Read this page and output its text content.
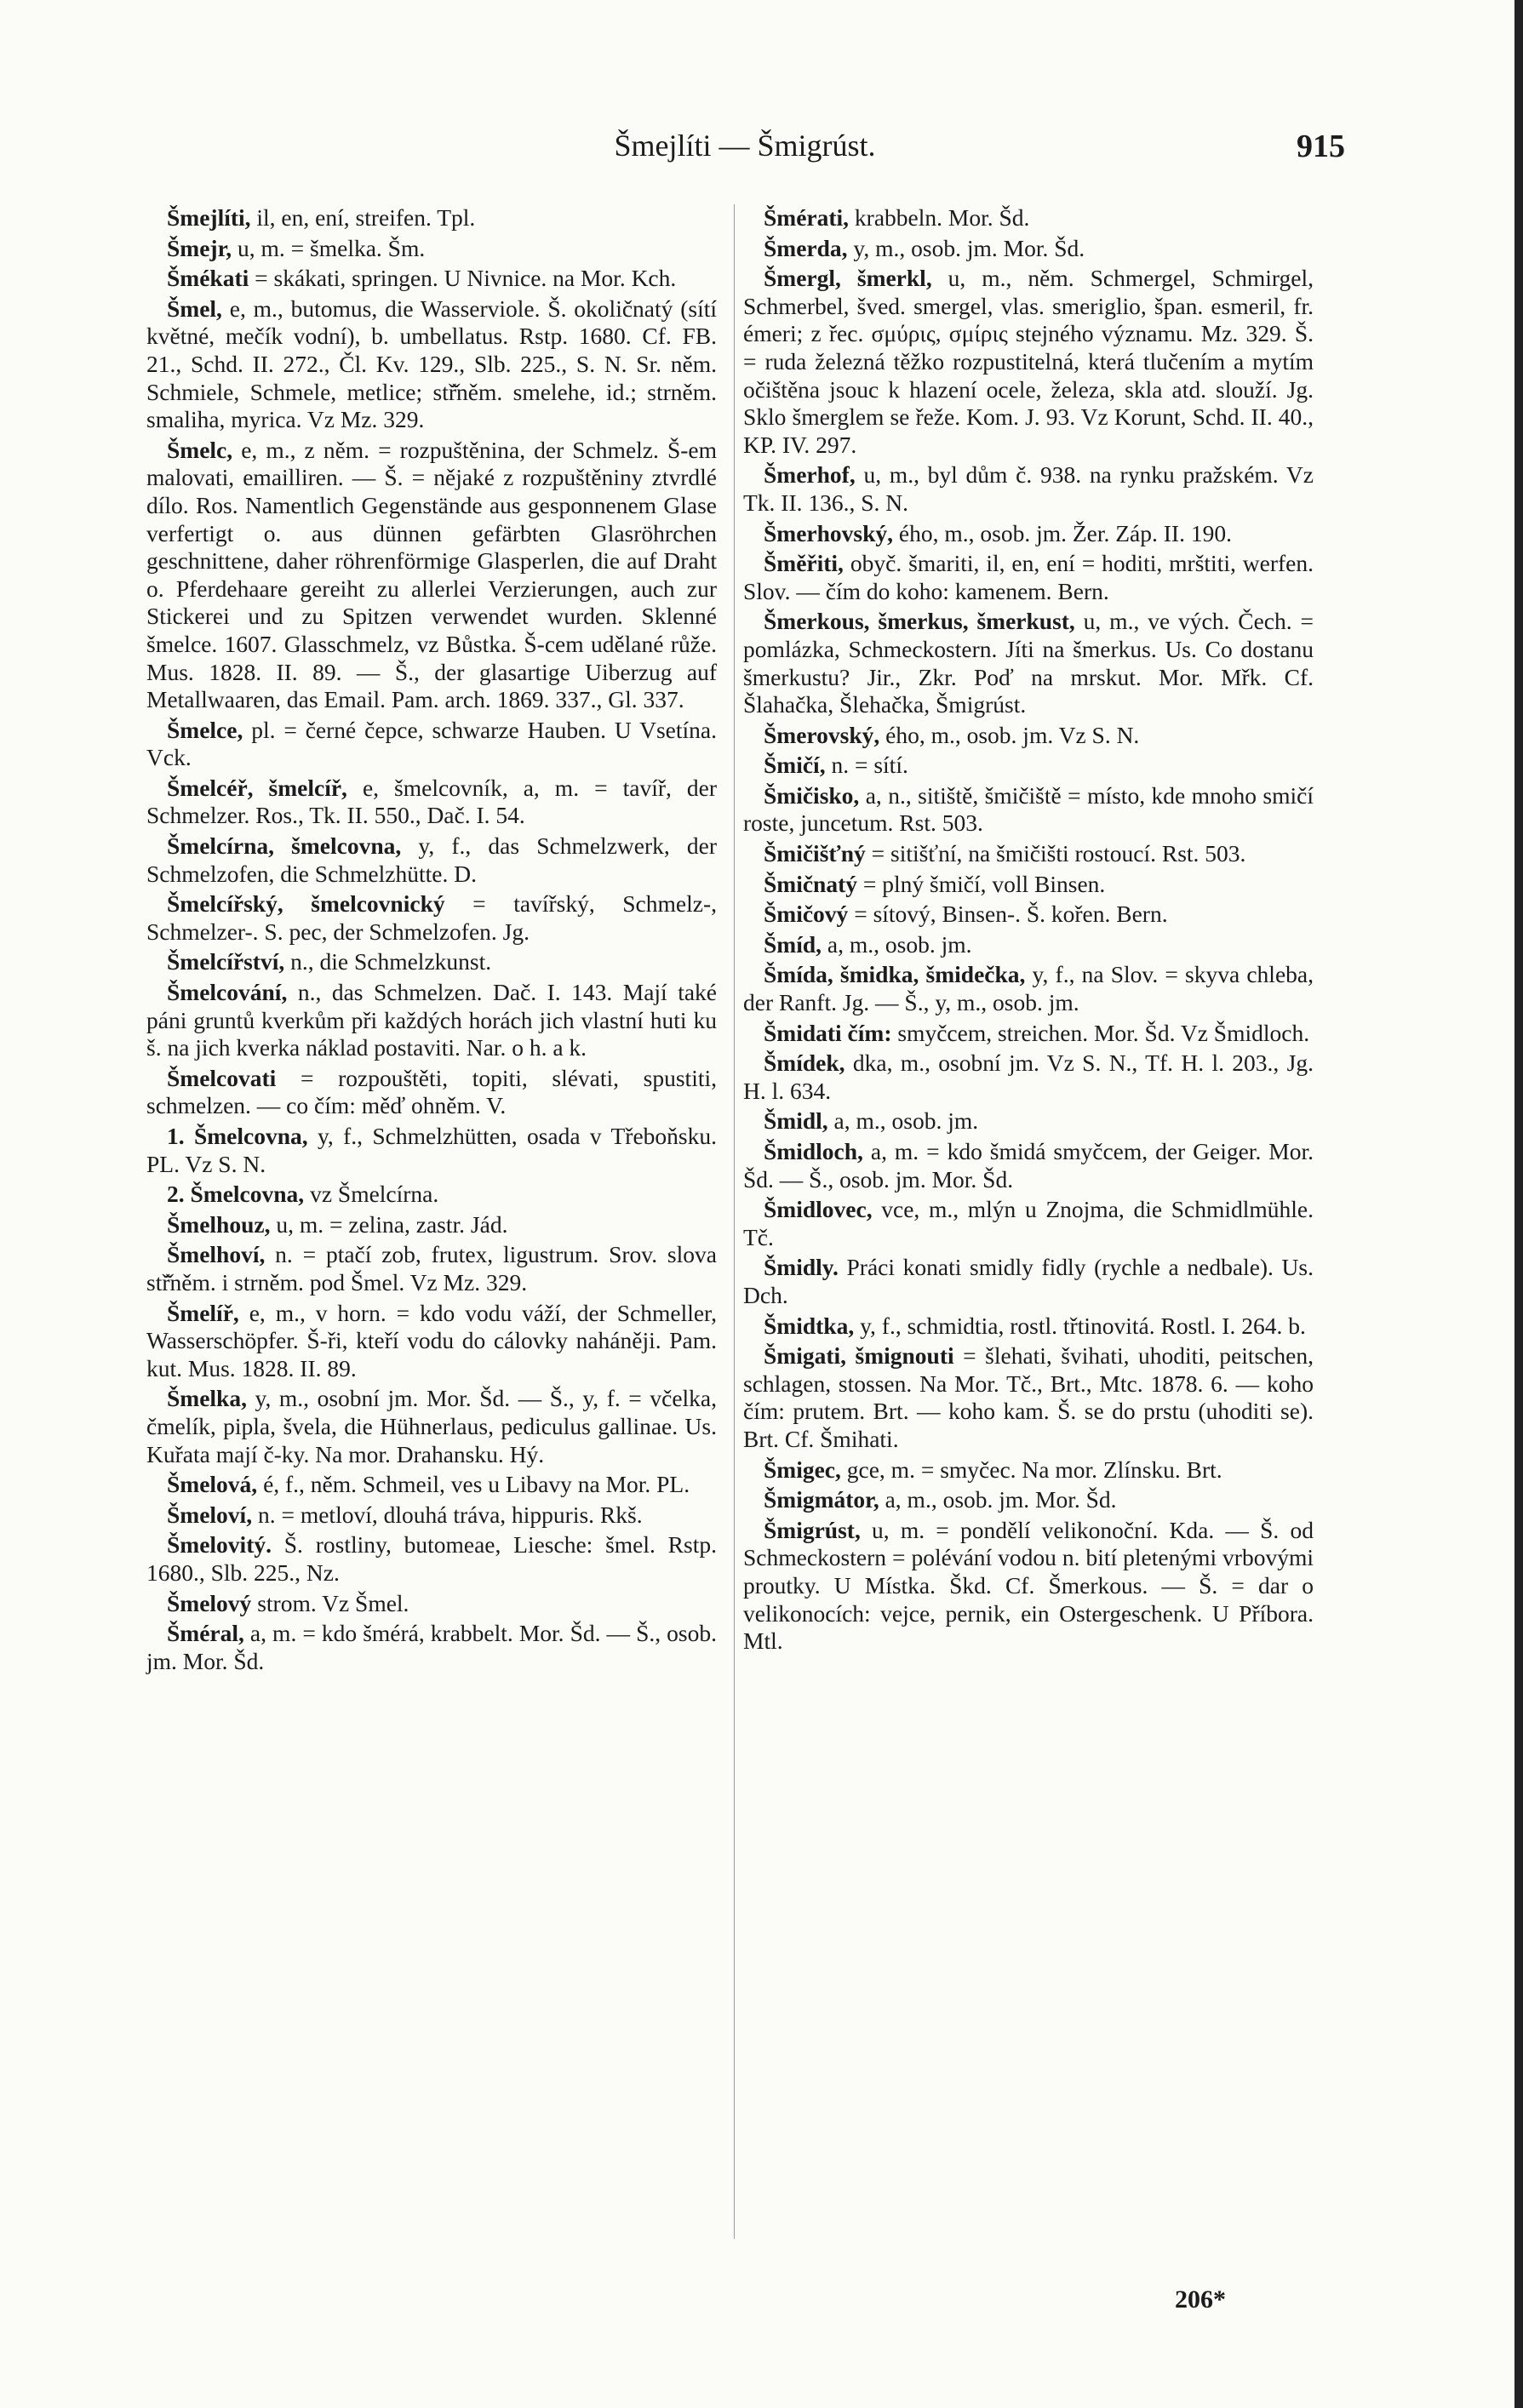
Šmejlíti — Šmigrúst.	915

Šmejlíti, il, en, ení, streifen. Tpl.

Šmejr, u, m. = šmelka. Šm.

Šmékati = skákati, springen. U Nivnice. na Mor. Kch.

Šmel, e, m., butomus, die Wasserviole. Š. okoličnatý (sítí květné, mečík vodní), b. umbellatus. Rstp. 1680. Cf. FB. 21., Schd. II. 272., Čl. Kv. 129., Slb. 225., S. N. Sr. něm. Schmiele, Schmele, metlice; stř̌něm. smelehe, id.; strněm. smaliha, myrica. Vz Mz. 329.

Šmelc, e, m., z něm. = rozpuštěnina, der Schmelz. Š-em malovati, emailliren. — Š. = nějaké z rozpuštěniny ztvrdlé dílo. Ros. Namentlich Gegenstände aus gesponnenem Glase verfertigt o. aus dünnen gefärbten Glasröhrchen geschnittene, daher röhrenförmige Glasperlen, die auf Draht o. Pferdehaare gereiht zu allerlei Verzierungen, auch zur Stickerei und zu Spitzen verwendet wurden. Sklenné šmelce. 1607. Glasschmelz, vz Bůstka. Š-cem udělané růže. Mus. 1828. II. 89. — Š., der glasartige Uiberzug auf Metallwaaren, das Email. Pam. arch. 1869. 337., Gl. 337.

Šmelce, pl. = černé čepce, schwarze Hauben. U Vsetína. Vck.

Šmelcéř, šmelcíř, e, šmelcovník, a, m. = tavíř, der Schmelzer. Ros., Tk. II. 550., Dač. I. 54.

Šmelcírna, šmelcovna, y, f., das Schmelzwerk, der Schmelzofen, die Schmelzhütte. D.

Šmelcířský, šmelcovnický = tavířský, Schmelz-, Schmelzer-. S. pec, der Schmelzofen. Jg.

Šmelcířství, n., die Schmelzkunst.

Šmelcování, n., das Schmelzen. Dač. I. 143. Mají také páni gruntů kverkům při každých horách jich vlastní huti ku š. na jich kverka náklad postaviti. Nar. o h. a k.

Šmelcovati = rozpouštěti, topiti, slévati, spustiti, schmelzen. — co čím: měď ohněm. V.

1. Šmelcovna, y, f., Schmelzhütten, osada v Třeboňsku. PL. Vz S. N.

2. Šmelcovna, vz Šmelcírna.

Šmelhouz, u, m. = zelina, zastr. Jád.

Šmelhoví, n. = ptačí zob, frutex, ligustrum. Srov. slova stř̌něm. i strněm. pod Šmel. Vz Mz. 329.

Šmelíř, e, m., v horn. = kdo vodu váží, der Schmeller, Wasserschöpfer. Š-ři, kteří vodu do cálovky naháněji. Pam. kut. Mus. 1828. II. 89.

Šmelka, y, m., osobní jm. Mor. Šd. — Š., y, f. = včelka, čmelík, pipla, švela, die Hühnerlaus, pediculus gallinae. Us. Kuřata mají č-ky. Na mor. Drahansku. Hý.

Šmelová, é, f., něm. Schmeil, ves u Libavy na Mor. PL.

Šmeloví, n. = metloví, dlouhá tráva, hippuris. Rkš.

Šmelovitý. Š. rostliny, butomeae, Liesche: šmel. Rstp. 1680., Slb. 225., Nz.

Šmelový strom. Vz Šmel.

Šméral, a, m. = kdo šmérá, krabbelt. Mor. Šd. — Š., osob. jm. Mor. Šd.

Šmérati, krabbeln. Mor. Šd.

Šmerda, y, m., osob. jm. Mor. Šd.

Šmergl, šmerkl, u, m., něm. Schmergel, Schmirgel, Schmerbel, šved. smergel, vlas. smeriglio, špan. esmeril, fr. émeri; z řec. σμύρις, σμίρις stejného významu. Mz. 329. Š. = ruda železná těžko rozpustitelná, která tlučením a mytím očištěna jsouc k hlazení ocele, železa, skla atd. slouží. Jg. Sklo šmerglem se řeže. Kom. J. 93. Vz Korunt, Schd. II. 40., KP. IV. 297.

Šmerhof, u, m., byl dům č. 938. na rynku pražském. Vz Tk. II. 136., S. N.

Šmerhovský, ého, m., osob. jm. Žer. Záp. II. 190.

Šměřiti, obyč. šmariti, il, en, ení = hoditi, mrštiti, werfen. Slov. — čím do koho: kamenem. Bern.

Šmerkous, šmerkus, šmerkust, u, m., ve vých. Čech. = pomlázka, Schmeckostern. Jíti na šmerkus. Us. Co dostanu šmerkustu? Jir., Zkr. Poď na mrskut. Mor. Mřk. Cf. Šlahačka, Šlehačka, Šmigrúst.

Šmerovský, ého, m., osob. jm. Vz S. N.

Šmičí, n. = sítí.

Šmičisko, a, n., sitiště, šmičiště = místo, kde mnoho smičí roste, juncetum. Rst. 503.

Šmičišťný = sitišťní, na šmičišti rostoucí. Rst. 503.

Šmičnatý = plný šmičí, voll Binsen.

Šmičový = sítový, Binsen-. Š. kořen. Bern.

Šmíd, a, m., osob. jm.

Šmída, šmidka, šmidečka, y, f., na Slov. = skyva chleba, der Ranft. Jg. — Š., y, m., osob. jm.

Šmidati čím: smyčcem, streichen. Mor. Šd. Vz Šmidloch.

Šmídek, dka, m., osobní jm. Vz S. N., Tf. H. l. 203., Jg. H. l. 634.

Šmidl, a, m., osob. jm.

Šmidloch, a, m. = kdo šmidá smyčcem, der Geiger. Mor. Šd. — Š., osob. jm. Mor. Šd.

Šmidlovec, vce, m., mlýn u Znojma, die Schmidlmühle. Tč.

Šmidly. Práci konati smidly fidly (rychle a nedbale). Us. Dch.

Šmidtka, y, f., schmidtia, rostl. třtinovitá. Rostl. I. 264. b.

Šmigati, šmignouti = šlehati, švihati, uhoditi, peitschen, schlagen, stossen. Na Mor. Tč., Brt., Mtc. 1878. 6. — koho čím: prutem. Brt. — koho kam. Š. se do prstu (uhoditi se). Brt. Cf. Šmihati.

Šmigec, gce, m. = smyčec. Na mor. Zlínsku. Brt.

Šmigmátor, a, m., osob. jm. Mor. Šd.

Šmigrúst, u, m. = pondělí velikonoční. Kda. — Š. od Schmeckostern = polévání vodou n. bití pletenými vrbovými proutky. U Místka. Škd. Cf. Šmerkous. — Š. = dar o velikonocích: vejce, pernik, ein Ostergeschenk. U Příbora. Mtl.

206*
